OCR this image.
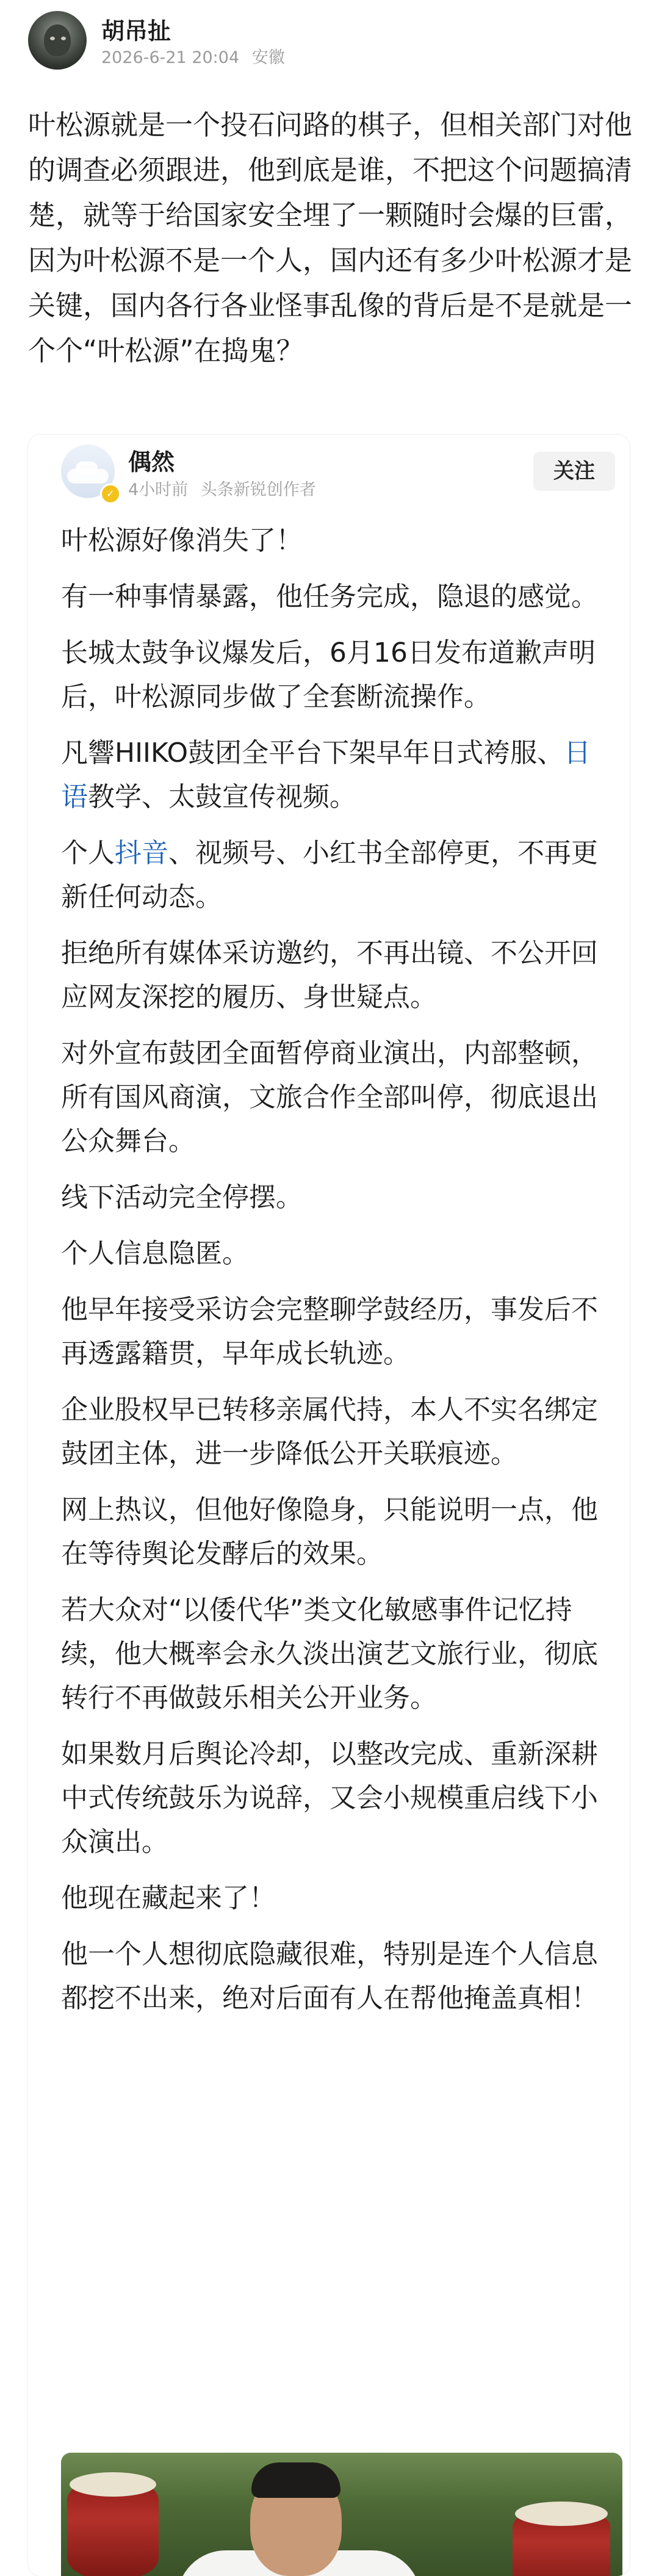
胡吊扯
2026-6-21 20:04 安徽

叶松源就是一个投石问路的棋子，但相关部门对他的调查必须跟进，他到底是谁，不把这个问题搞清楚，就等于给国家安全埋了一颗随时会爆的巨雷，因为叶松源不是一个人，国内还有多少叶松源才是关键，国内各行各业怪事乱像的背后是不是就是一个个“叶松源”在捣鬼？

✓
偶然
4小时前 头条新锐创作者
关注

叶松源好像消失了！

有一种事情暴露，他任务完成，隐退的感觉。

长城太鼓争议爆发后，6月16日发布道歉声明后，叶松源同步做了全套断流操作。

凡響HIIKO鼓团全平台下架早年日式袴服、日语教学、太鼓宣传视频。

个人抖音、视频号、小红书全部停更，不再更新任何动态。

拒绝所有媒体采访邀约，不再出镜、不公开回应网友深挖的履历、身世疑点。

对外宣布鼓团全面暂停商业演出，内部整顿，所有国风商演，文旅合作全部叫停，彻底退出公众舞台。

线下活动完全停摆。

个人信息隐匿。

他早年接受采访会完整聊学鼓经历，事发后不再透露籍贯，早年成长轨迹。

企业股权早已转移亲属代持，本人不实名绑定鼓团主体，进一步降低公开关联痕迹。

网上热议，但他好像隐身，只能说明一点，他在等待舆论发酵后的效果。

若大众对“以倭代华”类文化敏感事件记忆持续，他大概率会永久淡出演艺文旅行业，彻底转行不再做鼓乐相关公开业务。

如果数月后舆论冷却，以整改完成、重新深耕中式传统鼓乐为说辞，又会小规模重启线下小众演出。

他现在藏起来了！

他一个人想彻底隐藏很难，特别是连个人信息都挖不出来，绝对后面有人在帮他掩盖真相！
